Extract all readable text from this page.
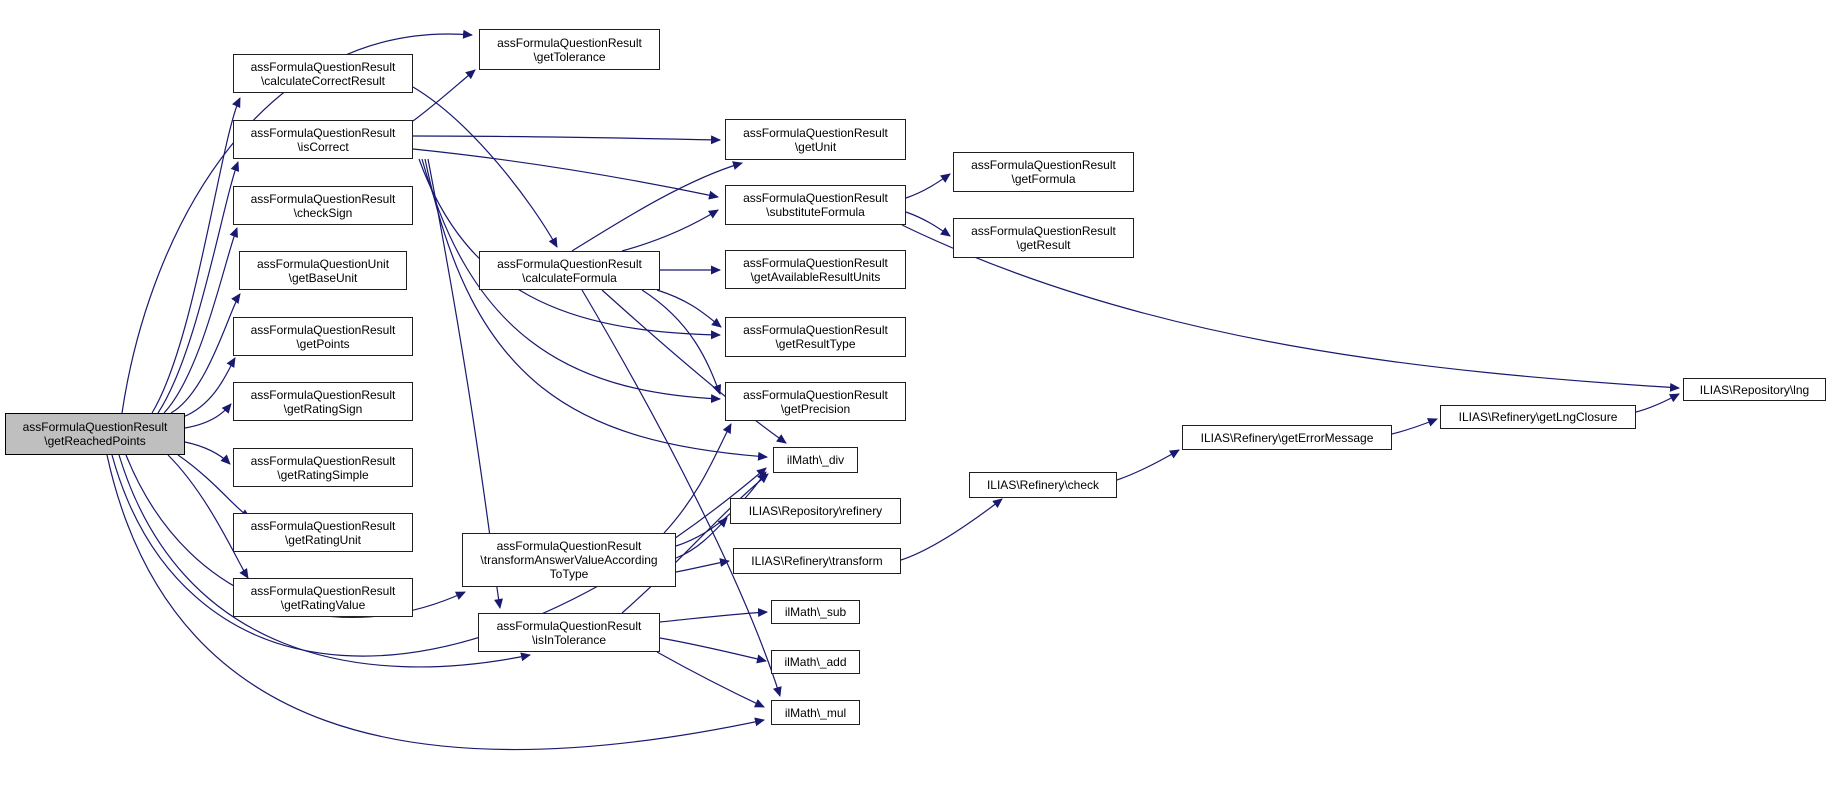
assFormulaQuestionResult
\getReachedPoints
assFormulaQuestionResult
\calculateCorrectResult
assFormulaQuestionResult
\isCorrect
assFormulaQuestionResult
\checkSign
assFormulaQuestionUnit
\getBaseUnit
assFormulaQuestionResult
\getPoints
assFormulaQuestionResult
\getRatingSign
assFormulaQuestionResult
\getRatingSimple
assFormulaQuestionResult
\getRatingUnit
assFormulaQuestionResult
\getRatingValue
assFormulaQuestionResult
\getTolerance
assFormulaQuestionResult
\calculateFormula
assFormulaQuestionResult
\transformAnswerValueAccording
ToType
assFormulaQuestionResult
\isInTolerance
assFormulaQuestionResult
\getUnit
assFormulaQuestionResult
\substituteFormula
assFormulaQuestionResult
\getAvailableResultUnits
assFormulaQuestionResult
\getResultType
assFormulaQuestionResult
\getPrecision
ilMath\_div
ILIAS\Repository\refinery
ILIAS\Refinery\transform
ilMath\_sub
ilMath\_add
ilMath\_mul
assFormulaQuestionResult
\getFormula
assFormulaQuestionResult
\getResult
ILIAS\Refinery\check
ILIAS\Refinery\getErrorMessage
ILIAS\Refinery\getLngClosure
ILIAS\Repository\lng
